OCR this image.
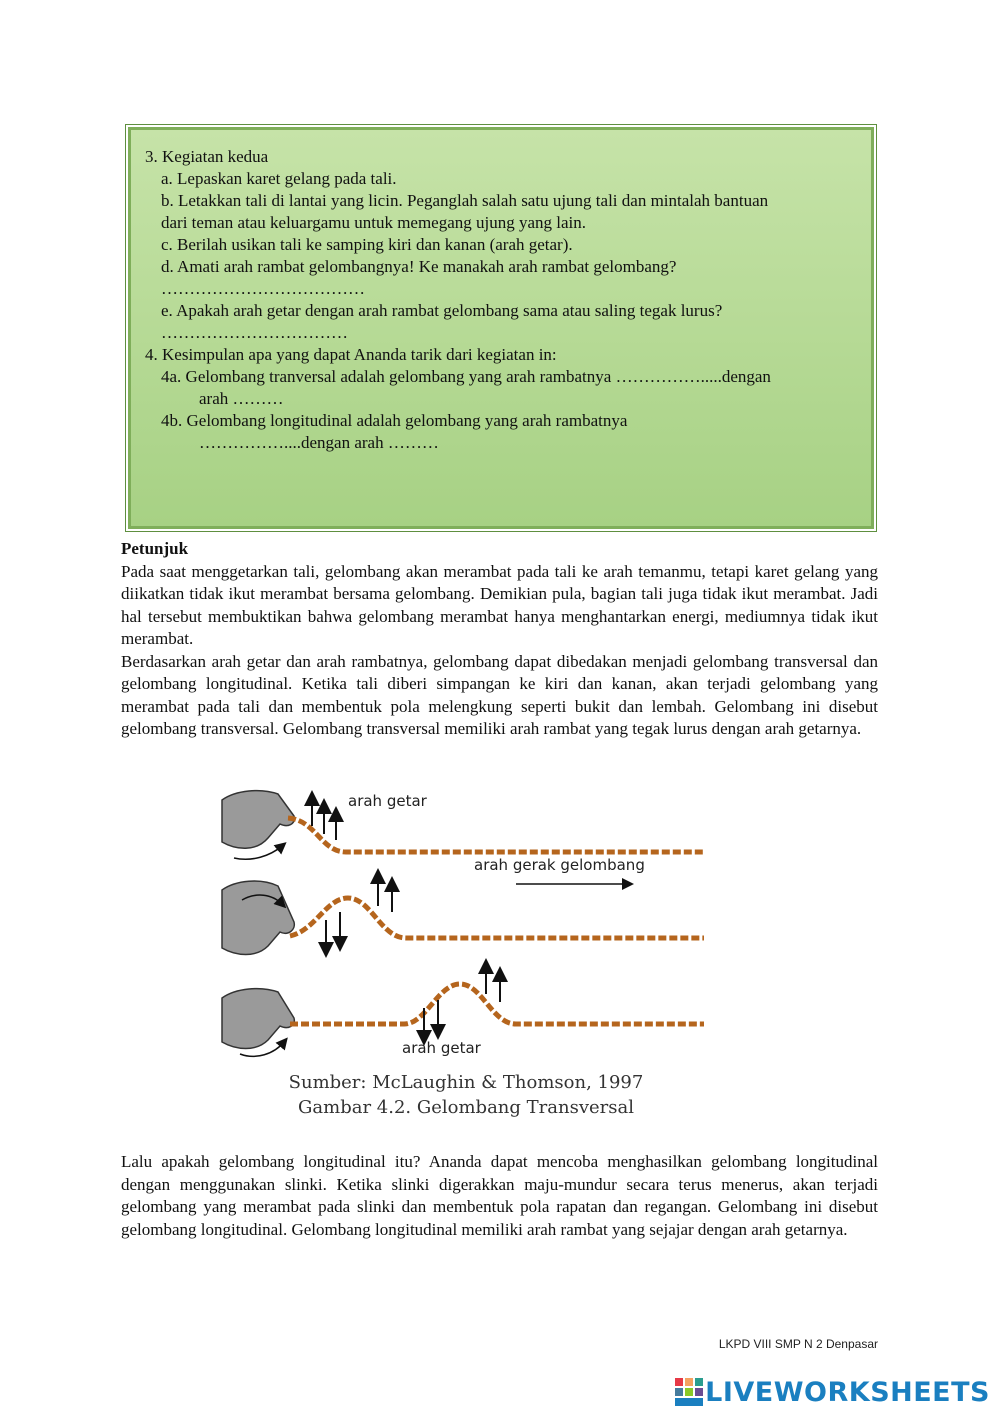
3. Kegiatan kedua
a. Lepaskan karet gelang pada tali.
b. Letakkan tali di lantai yang licin. Peganglah salah satu ujung tali dan mintalah bantuan
dari teman atau keluargamu untuk memegang ujung yang lain.
c. Berilah usikan tali ke samping kiri dan kanan (arah getar).
d. Amati arah rambat gelombangnya! Ke manakah arah rambat gelombang?
………………………………
e. Apakah arah getar dengan arah rambat gelombang sama atau saling tegak lurus?
……………………………
4. Kesimpulan apa yang dapat Ananda tarik dari kegiatan in:
4a. Gelombang tranversal adalah gelombang yang arah rambatnya …………….....dengan
arah ………
4b. Gelombang longitudinal adalah gelombang yang arah rambatnya
……………....dengan arah ………

Petunjuk

Pada saat menggetarkan tali, gelombang akan merambat pada tali ke arah temanmu, tetapi karet gelang yang diikatkan tidak ikut merambat bersama gelombang. Demikian pula, bagian tali juga tidak ikut merambat. Jadi hal tersebut membuktikan bahwa gelombang merambat hanya menghantarkan energi, mediumnya tidak ikut merambat.

Berdasarkan arah getar dan arah rambatnya, gelombang dapat dibedakan menjadi gelombang transversal dan gelombang longitudinal. Ketika tali diberi simpangan ke kiri dan kanan, akan terjadi gelombang yang merambat pada tali dan membentuk pola melengkung seperti bukit dan lembah. Gelombang ini disebut gelombang transversal. Gelombang transversal memiliki arah rambat yang tegak lurus dengan arah getarnya.

arah getar
arah gerak gelombang
arah getar
Sumber: McLaughin & Thomson, 1997
Gambar 4.2. Gelombang Transversal

Lalu apakah gelombang longitudinal itu? Ananda dapat mencoba menghasilkan gelombang longitudinal dengan menggunakan slinki. Ketika slinki digerakkan maju-mundur secara terus menerus, akan terjadi gelombang yang merambat pada slinki dan membentuk pola rapatan dan regangan. Gelombang ini disebut gelombang longitudinal. Gelombang longitudinal memiliki arah rambat yang sejajar dengan arah getarnya.

LKPD VIII SMP N 2 Denpasar
LIVEWORKSHEETS
